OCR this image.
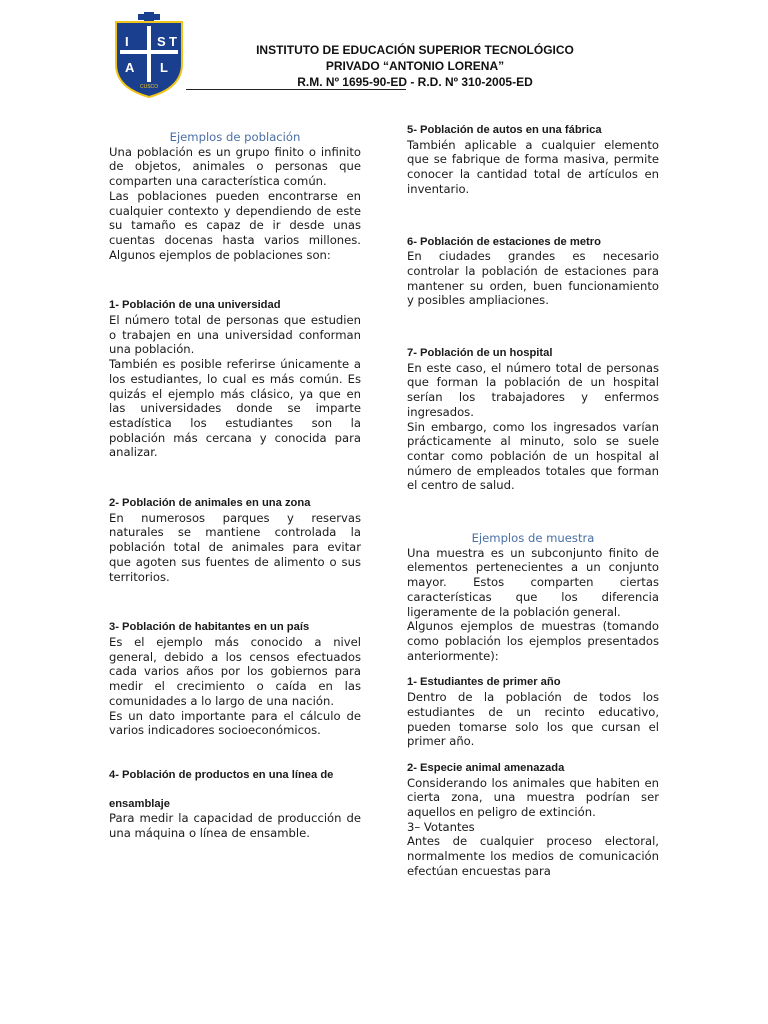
I S T
A L
CUSCO
INSTITUTO DE EDUCACIÓN SUPERIOR TECNOLÓGICO
PRIVADO “ANTONIO LORENA”
R.M. Nº 1695-90-ED - R.D. Nº 310-2005-ED

Ejemplos de población

Una población es un grupo finito o infinito de objetos, animales o personas que comparten una característica común.

Las poblaciones pueden encontrarse en cualquier contexto y dependiendo de este su tamaño es capaz de ir desde unas cuentas docenas hasta varios millones. Algunos ejemplos de poblaciones son:

1- Población de una universidad

El número total de personas que estudien o trabajen en una universidad conforman una población.

También es posible referirse únicamente a los estudiantes, lo cual es más común. Es quizás el ejemplo más clásico, ya que en las universidades donde se imparte estadística los estudiantes son la población más cercana y conocida para analizar.

2- Población de animales en una zona

En numerosos parques y reservas naturales se mantiene controlada la población total de animales para evitar que agoten sus fuentes de alimento o sus territorios.

3- Población de habitantes en un país

Es el ejemplo más conocido a nivel general, debido a los censos efectuados cada varios años por los gobiernos para medir el crecimiento o caída en las comunidades a lo largo de una nación.

Es un dato importante para el cálculo de varios indicadores socioeconómicos.

4- Población de productos en una línea de

ensamblaje

Para medir la capacidad de producción de una máquina o línea de ensamble.

5- Población de autos en una fábrica

También aplicable a cualquier elemento que se fabrique de forma masiva, permite conocer la cantidad total de artículos en inventario.

6- Población de estaciones de metro

En ciudades grandes es necesario controlar la población de estaciones para mantener su orden, buen funcionamiento y posibles ampliaciones.

7- Población de un hospital

En este caso, el número total de personas que forman la población de un hospital serían los trabajadores y enfermos ingresados.

Sin embargo, como los ingresados varían prácticamente al minuto, solo se suele contar como población de un hospital al número de empleados totales que forman el centro de salud.

Ejemplos de muestra

Una muestra es un subconjunto finito de elementos pertenecientes a un conjunto mayor. Estos comparten ciertas características que los diferencia ligeramente de la población general.

Algunos ejemplos de muestras (tomando como población los ejemplos presentados anteriormente):

1- Estudiantes de primer año

Dentro de la población de todos los estudiantes de un recinto educativo, pueden tomarse solo los que cursan el primer año.

2- Especie animal amenazada

Considerando los animales que habiten en cierta zona, una muestra podrían ser aquellos en peligro de extinción.

3– Votantes

Antes de cualquier proceso electoral, normalmente los medios de comunicación efectúan encuestas para
